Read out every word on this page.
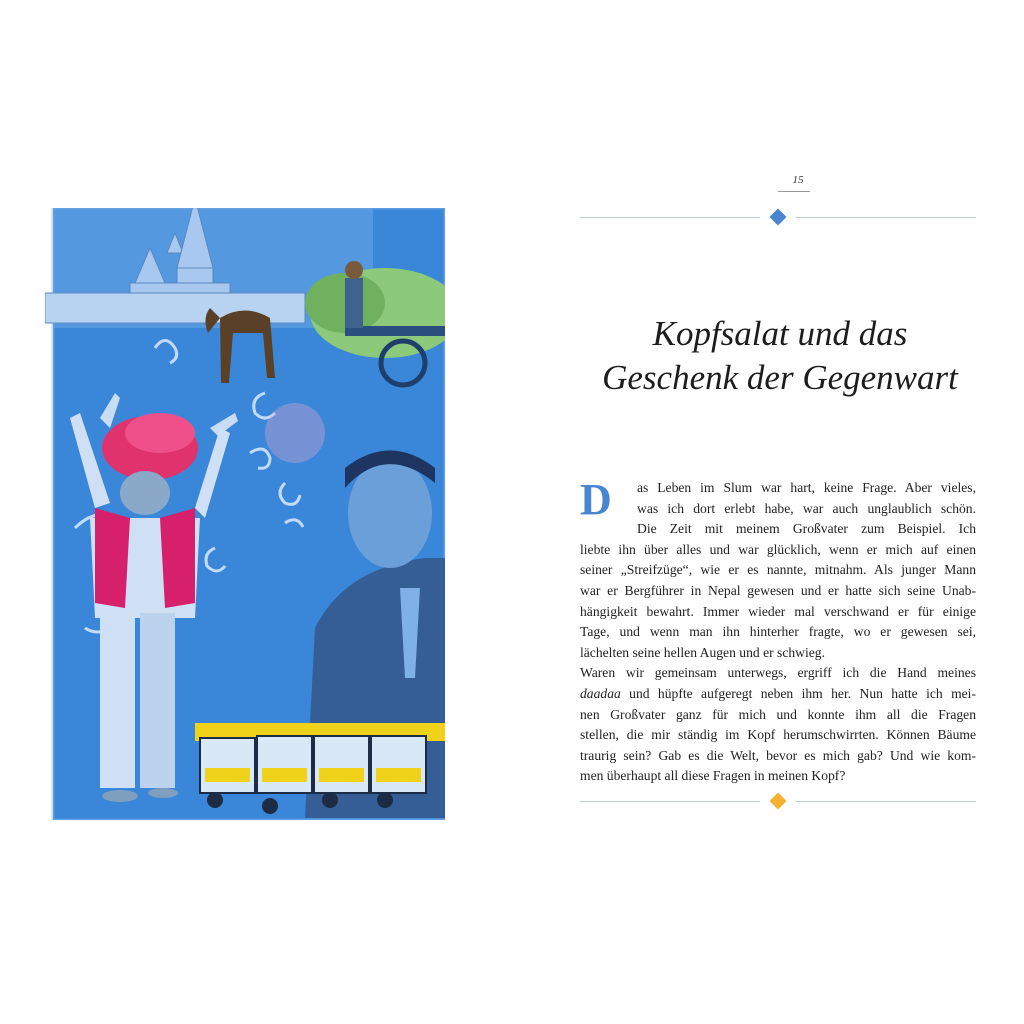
15
Kopfsalat und das
Geschenk der Gegenwart
D	as Leben im Slum war hart, keine Frage. Aber vieles,
was ich dort erlebt habe, war auch unglaublich schön.
Die Zeit mit meinem Großvater zum Beispiel. Ich
liebte ihn über alles und war glücklich, wenn er mich auf einen
seiner „Streifzüge“, wie er es nannte, mitnahm. Als junger Mann
war er Bergführer in Nepal gewesen und er hatte sich seine Unab-
hängigkeit bewahrt. Immer wieder mal verschwand er für einige
Tage, und wenn man ihn hinterher fragte, wo er gewesen sei,
lächelten seine hellen Augen und er schwieg.
Waren wir gemeinsam unterwegs, ergriff ich die Hand meines
daadaa und hüpfte aufgeregt neben ihm her. Nun hatte ich mei-
nen Großvater ganz für mich und konnte ihm all die Fragen
stellen, die mir ständig im Kopf herumschwirrten. Können Bäume
traurig sein? Gab es die Welt, bevor es mich gab? Und wie kom-
men überhaupt all diese Fragen in meinen Kopf?
